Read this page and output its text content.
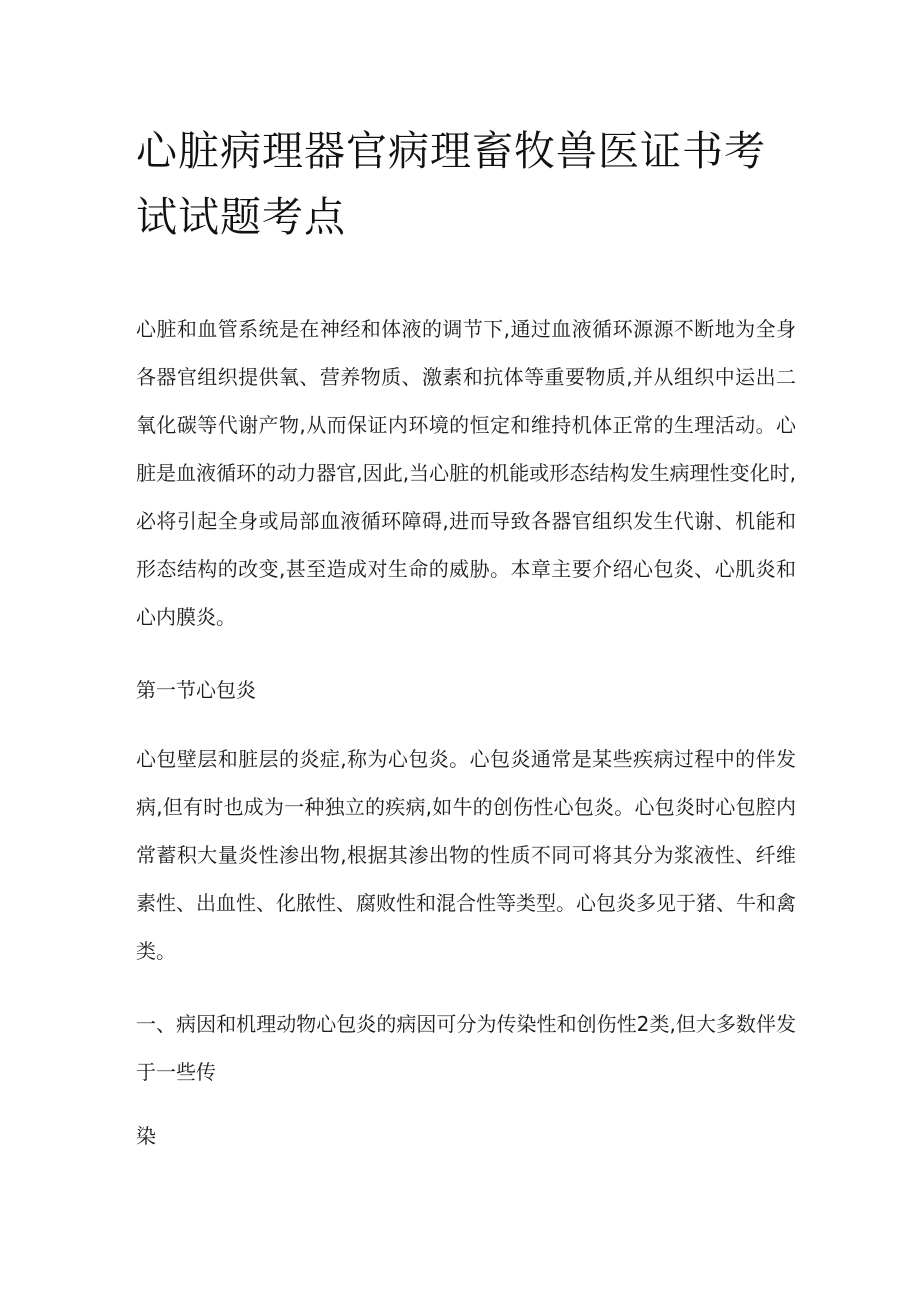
心脏病理器官病理畜牧兽医证书考试试题考点

心脏和血管系统是在神经和体液的调节下,通过血液循环源源不断地为全身各器官组织提供氧、营养物质、激素和抗体等重要物质,并从组织中运出二氧化碳等代谢产物,从而保证内环境的恒定和维持机体正常的生理活动。心脏是血液循环的动力器官,因此,当心脏的机能或形态结构发生病理性变化时,必将引起全身或局部血液循环障碍,进而导致各器官组织发生代谢、机能和形态结构的改变,甚至造成对生命的威胁。本章主要介绍心包炎、心肌炎和心内膜炎。

第一节心包炎

心包壁层和脏层的炎症,称为心包炎。心包炎通常是某些疾病过程中的伴发病,但有时也成为一种独立的疾病,如牛的创伤性心包炎。心包炎时心包腔内常蓄积大量炎性渗出物,根据其渗出物的性质不同可将其分为浆液性、纤维素性、出血性、化脓性、腐败性和混合性等类型。心包炎多见于猪、牛和禽类。

一、病因和机理动物心包炎的病因可分为传染性和创伤性2类,但大多数伴发于一些传

染
